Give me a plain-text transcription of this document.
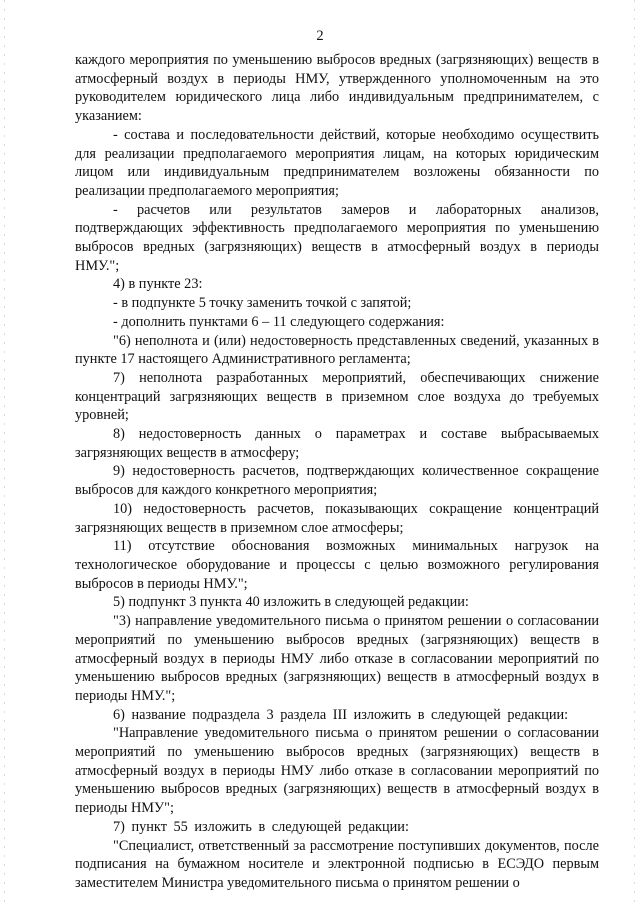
2

каждого мероприятия по уменьшению выбросов вредных (загрязняющих) веществ в атмосферный воздух в периоды НМУ, утвержденного уполномоченным на это руководителем юридического лица либо индивидуальным предпринимателем, с указанием:

- состава и последовательности действий, которые необходимо осуществить для реализации предполагаемого мероприятия лицам, на которых юридическим лицом или индивидуальным предпринимателем возложены обязанности по реализации предполагаемого мероприятия;

- расчетов или результатов замеров и лабораторных анализов, подтверждающих эффективность предполагаемого мероприятия по уменьшению выбросов вредных (загрязняющих) веществ в атмосферный воздух в периоды НМУ.";

4) в пункте 23:

- в подпункте 5 точку заменить точкой с запятой;

- дополнить пунктами 6 – 11 следующего содержания:

"6) неполнота и (или) недостоверность представленных сведений, указанных в пункте 17 настоящего Административного регламента;

7) неполнота разработанных мероприятий, обеспечивающих снижение концентраций загрязняющих веществ в приземном слое воздуха до требуемых уровней;

8) недостоверность данных о параметрах и составе выбрасываемых загрязняющих веществ в атмосферу;

9) недостоверность расчетов, подтверждающих количественное сокращение выбросов для каждого конкретного мероприятия;

10) недостоверность расчетов, показывающих сокращение концентраций загрязняющих веществ в приземном слое атмосферы;

11) отсутствие обоснования возможных минимальных нагрузок на технологическое оборудование и процессы с целью возможного регулирования выбросов в периоды НМУ.";

5) подпункт 3 пункта 40 изложить в следующей редакции:

"3) направление уведомительного письма о принятом решении о согласовании мероприятий по уменьшению выбросов вредных (загрязняющих) веществ в атмосферный воздух в периоды НМУ либо отказе в согласовании мероприятий по уменьшению выбросов вредных (загрязняющих) веществ в атмосферный воздух в периоды НМУ.";

6) название подраздела 3 раздела III изложить в следующей редакции:

"Направление уведомительного письма о принятом решении о согласовании мероприятий по уменьшению выбросов вредных (загрязняющих) веществ в атмосферный воздух в периоды НМУ либо отказе в согласовании мероприятий по уменьшению выбросов вредных (загрязняющих) веществ в атмосферный воздух в периоды НМУ";

7) пункт 55 изложить в следующей редакции:

"Специалист, ответственный за рассмотрение поступивших документов, после подписания на бумажном носителе и электронной подписью в ЕСЭДО первым заместителем Министра уведомительного письма о принятом решении о
